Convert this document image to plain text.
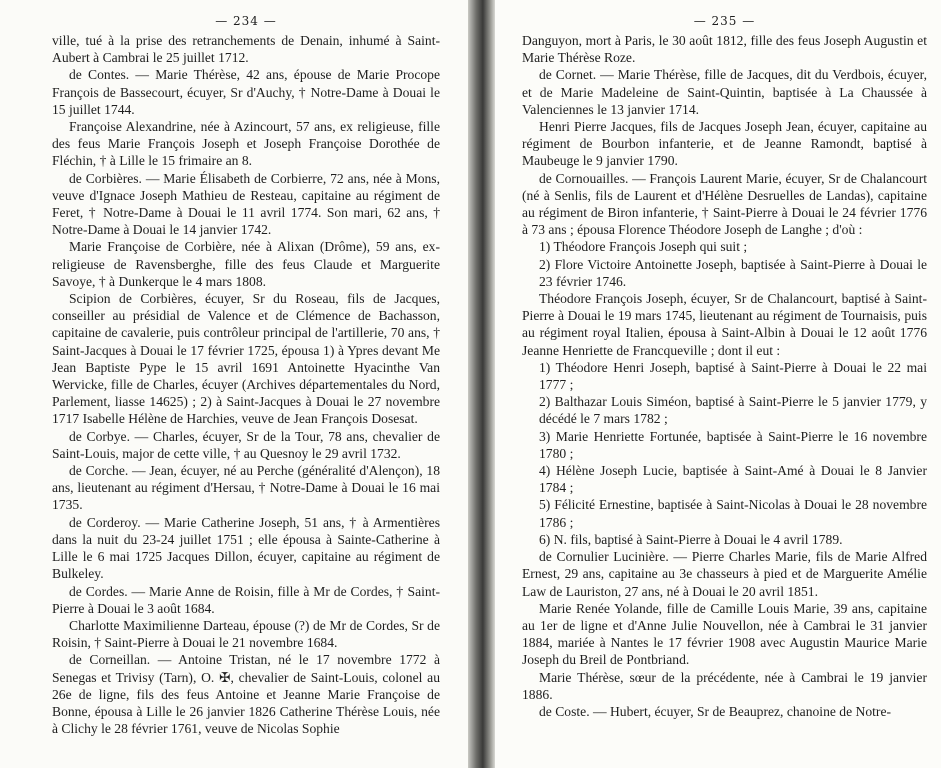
— 234 —

ville, tué à la prise des retranchements de Denain, inhumé à Saint-Aubert à Cambrai le 25 juillet 1712.

de Contes. — Marie Thérèse, 42 ans, épouse de Marie Procope François de Bassecourt, écuyer, Sr d'Auchy, † Notre-Dame à Douai le 15 juillet 1744.

Françoise Alexandrine, née à Azincourt, 57 ans, ex religieuse, fille des feus Marie François Joseph et Joseph Françoise Dorothée de Fléchin, † à Lille le 15 frimaire an 8.

de Corbières. — Marie Élisabeth de Corbierre, 72 ans, née à Mons, veuve d'Ignace Joseph Mathieu de Resteau, capitaine au régiment de Feret, † Notre-Dame à Douai le 11 avril 1774. Son mari, 62 ans, † Notre-Dame à Douai le 14 janvier 1742.

Marie Françoise de Corbière, née à Alixan (Drôme), 59 ans, ex-religieuse de Ravensberghe, fille des feus Claude et Marguerite Savoye, † à Dunkerque le 4 mars 1808.

Scipion de Corbières, écuyer, Sr du Roseau, fils de Jacques, conseiller au présidial de Valence et de Clémence de Bachasson, capitaine de cavalerie, puis contrôleur principal de l'artillerie, 70 ans, † Saint-Jacques à Douai le 17 février 1725, épousa 1) à Ypres devant Me Jean Baptiste Pype le 15 avril 1691 Antoinette Hyacinthe Van Wervicke, fille de Charles, écuyer (Archives départementales du Nord, Parlement, liasse 14625) ; 2) à Saint-Jacques à Douai le 27 novembre 1717 Isabelle Hélène de Harchies, veuve de Jean François Dosesat.

de Corbye. — Charles, écuyer, Sr de la Tour, 78 ans, chevalier de Saint-Louis, major de cette ville, † au Quesnoy le 29 avril 1732.

de Corche. — Jean, écuyer, né au Perche (généralité d'Alençon), 18 ans, lieutenant au régiment d'Hersau, † Notre-Dame à Douai le 16 mai 1735.

de Corderoy. — Marie Catherine Joseph, 51 ans, † à Armentières dans la nuit du 23-24 juillet 1751 ; elle épousa à Sainte-Catherine à Lille le 6 mai 1725 Jacques Dillon, écuyer, capitaine au régiment de Bulkeley.

de Cordes. — Marie Anne de Roisin, fille à Mr de Cordes, † Saint-Pierre à Douai le 3 août 1684.

Charlotte Maximilienne Darteau, épouse (?) de Mr de Cordes, Sr de Roisin, † Saint-Pierre à Douai le 21 novembre 1684.

de Corneillan. — Antoine Tristan, né le 17 novembre 1772 à Senegas et Trivisy (Tarn), O. ✠, chevalier de Saint-Louis, colonel au 26e de ligne, fils des feus Antoine et Jeanne Marie Françoise de Bonne, épousa à Lille le 26 janvier 1826 Catherine Thérèse Louis, née à Clichy le 28 février 1761, veuve de Nicolas Sophie

— 235 —

Danguyon, mort à Paris, le 30 août 1812, fille des feus Joseph Augustin et Marie Thérèse Roze.

de Cornet. — Marie Thérèse, fille de Jacques, dit du Verdbois, écuyer, et de Marie Madeleine de Saint-Quintin, baptisée à La Chaussée à Valenciennes le 13 janvier 1714.

Henri Pierre Jacques, fils de Jacques Joseph Jean, écuyer, capitaine au régiment de Bourbon infanterie, et de Jeanne Ramondt, baptisé à Maubeuge le 9 janvier 1790.

de Cornouailles. — François Laurent Marie, écuyer, Sr de Chalancourt (né à Senlis, fils de Laurent et d'Hélène Desruelles de Landas), capitaine au régiment de Biron infanterie, † Saint-Pierre à Douai le 24 février 1776 à 73 ans ; épousa Florence Théodore Joseph de Langhe ; d'où :

1) Théodore François Joseph qui suit ;

2) Flore Victoire Antoinette Joseph, baptisée à Saint-Pierre à Douai le 23 février 1746.

Théodore François Joseph, écuyer, Sr de Chalancourt, baptisé à Saint-Pierre à Douai le 19 mars 1745, lieutenant au régiment de Tournaisis, puis au régiment royal Italien, épousa à Saint-Albin à Douai le 12 août 1776 Jeanne Henriette de Francqueville ; dont il eut :

1) Théodore Henri Joseph, baptisé à Saint-Pierre à Douai le 22 mai 1777 ;

2) Balthazar Louis Siméon, baptisé à Saint-Pierre le 5 janvier 1779, y décédé le 7 mars 1782 ;

3) Marie Henriette Fortunée, baptisée à Saint-Pierre le 16 novembre 1780 ;

4) Hélène Joseph Lucie, baptisée à Saint-Amé à Douai le 8 Janvier 1784 ;

5) Félicité Ernestine, baptisée à Saint-Nicolas à Douai le 28 novembre 1786 ;

6) N. fils, baptisé à Saint-Pierre à Douai le 4 avril 1789.

de Cornulier Lucinière. — Pierre Charles Marie, fils de Marie Alfred Ernest, 29 ans, capitaine au 3e chasseurs à pied et de Marguerite Amélie Law de Lauriston, 27 ans, né à Douai le 20 avril 1851.

Marie Renée Yolande, fille de Camille Louis Marie, 39 ans, capitaine au 1er de ligne et d'Anne Julie Nouvellon, née à Cambrai le 31 janvier 1884, mariée à Nantes le 17 février 1908 avec Augustin Maurice Marie Joseph du Breil de Pontbriand.

Marie Thérèse, sœur de la précédente, née à Cambrai le 19 janvier 1886.

de Coste. — Hubert, écuyer, Sr de Beauprez, chanoine de Notre-
